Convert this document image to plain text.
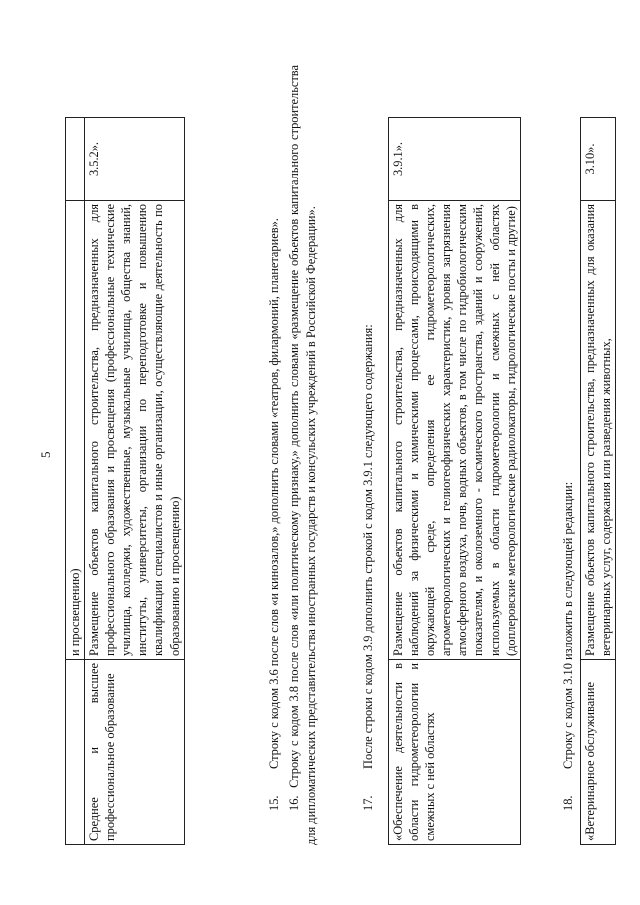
5
	и просвещению)	
Среднее и высшее профессиональное образование	Размещение объектов капитального строительства, предназначенных для профессионального образования и просвещения (профессиональные технические училища, колледжи, художественные, музыкальные училища, общества знаний, институты, университеты, организации по переподготовке и повышению квалификации специалистов и иные организации, осуществляющие деятельность по образованию и просвещению)	3.5.2».
15.Строку с кодом 3.6 после слов «и кинозалов,» дополнить словами «театров, филармоний, планетариев».
16.  Строку с кодом 3.8 после слов «или политическому признаку,» дополнить словами «размещение объектов капитального строительства для дипломатических представительства иностранных государств и консульских учреждений в Российской Федерации».	17.После строки с кодом 3.9 дополнить строкой с кодом 3.9.1 следующего содержания: «Обеспечение деятельности в области гидрометеорологии и смежных с ней областях	Размещение объектов капитального строительства, предназначенных для наблюдений за физическими и химическими процессами, происходящими в окружающей среде, определения ее гидрометеорологических, агрометеорологических и гелиогеофизических характеристик, уровня загрязнения атмосферного воздуха, почв, водных объектов, в том числе по гидробиологическим показателям, и околоземного - космического пространства, зданий и сооружений, используемых в области гидрометеорологии и смежных с ней областях (доплеровские метеорологические радиолокаторы, гидрологические посты и другие)	3.9.1».
18.Строку с кодом 3.10 изложить в следующей редакции: «Ветеринарное обслуживание	Размещение объектов капитального строительства, предназначенных для оказания ветеринарных услуг, содержания или разведения животных,	3.10».
